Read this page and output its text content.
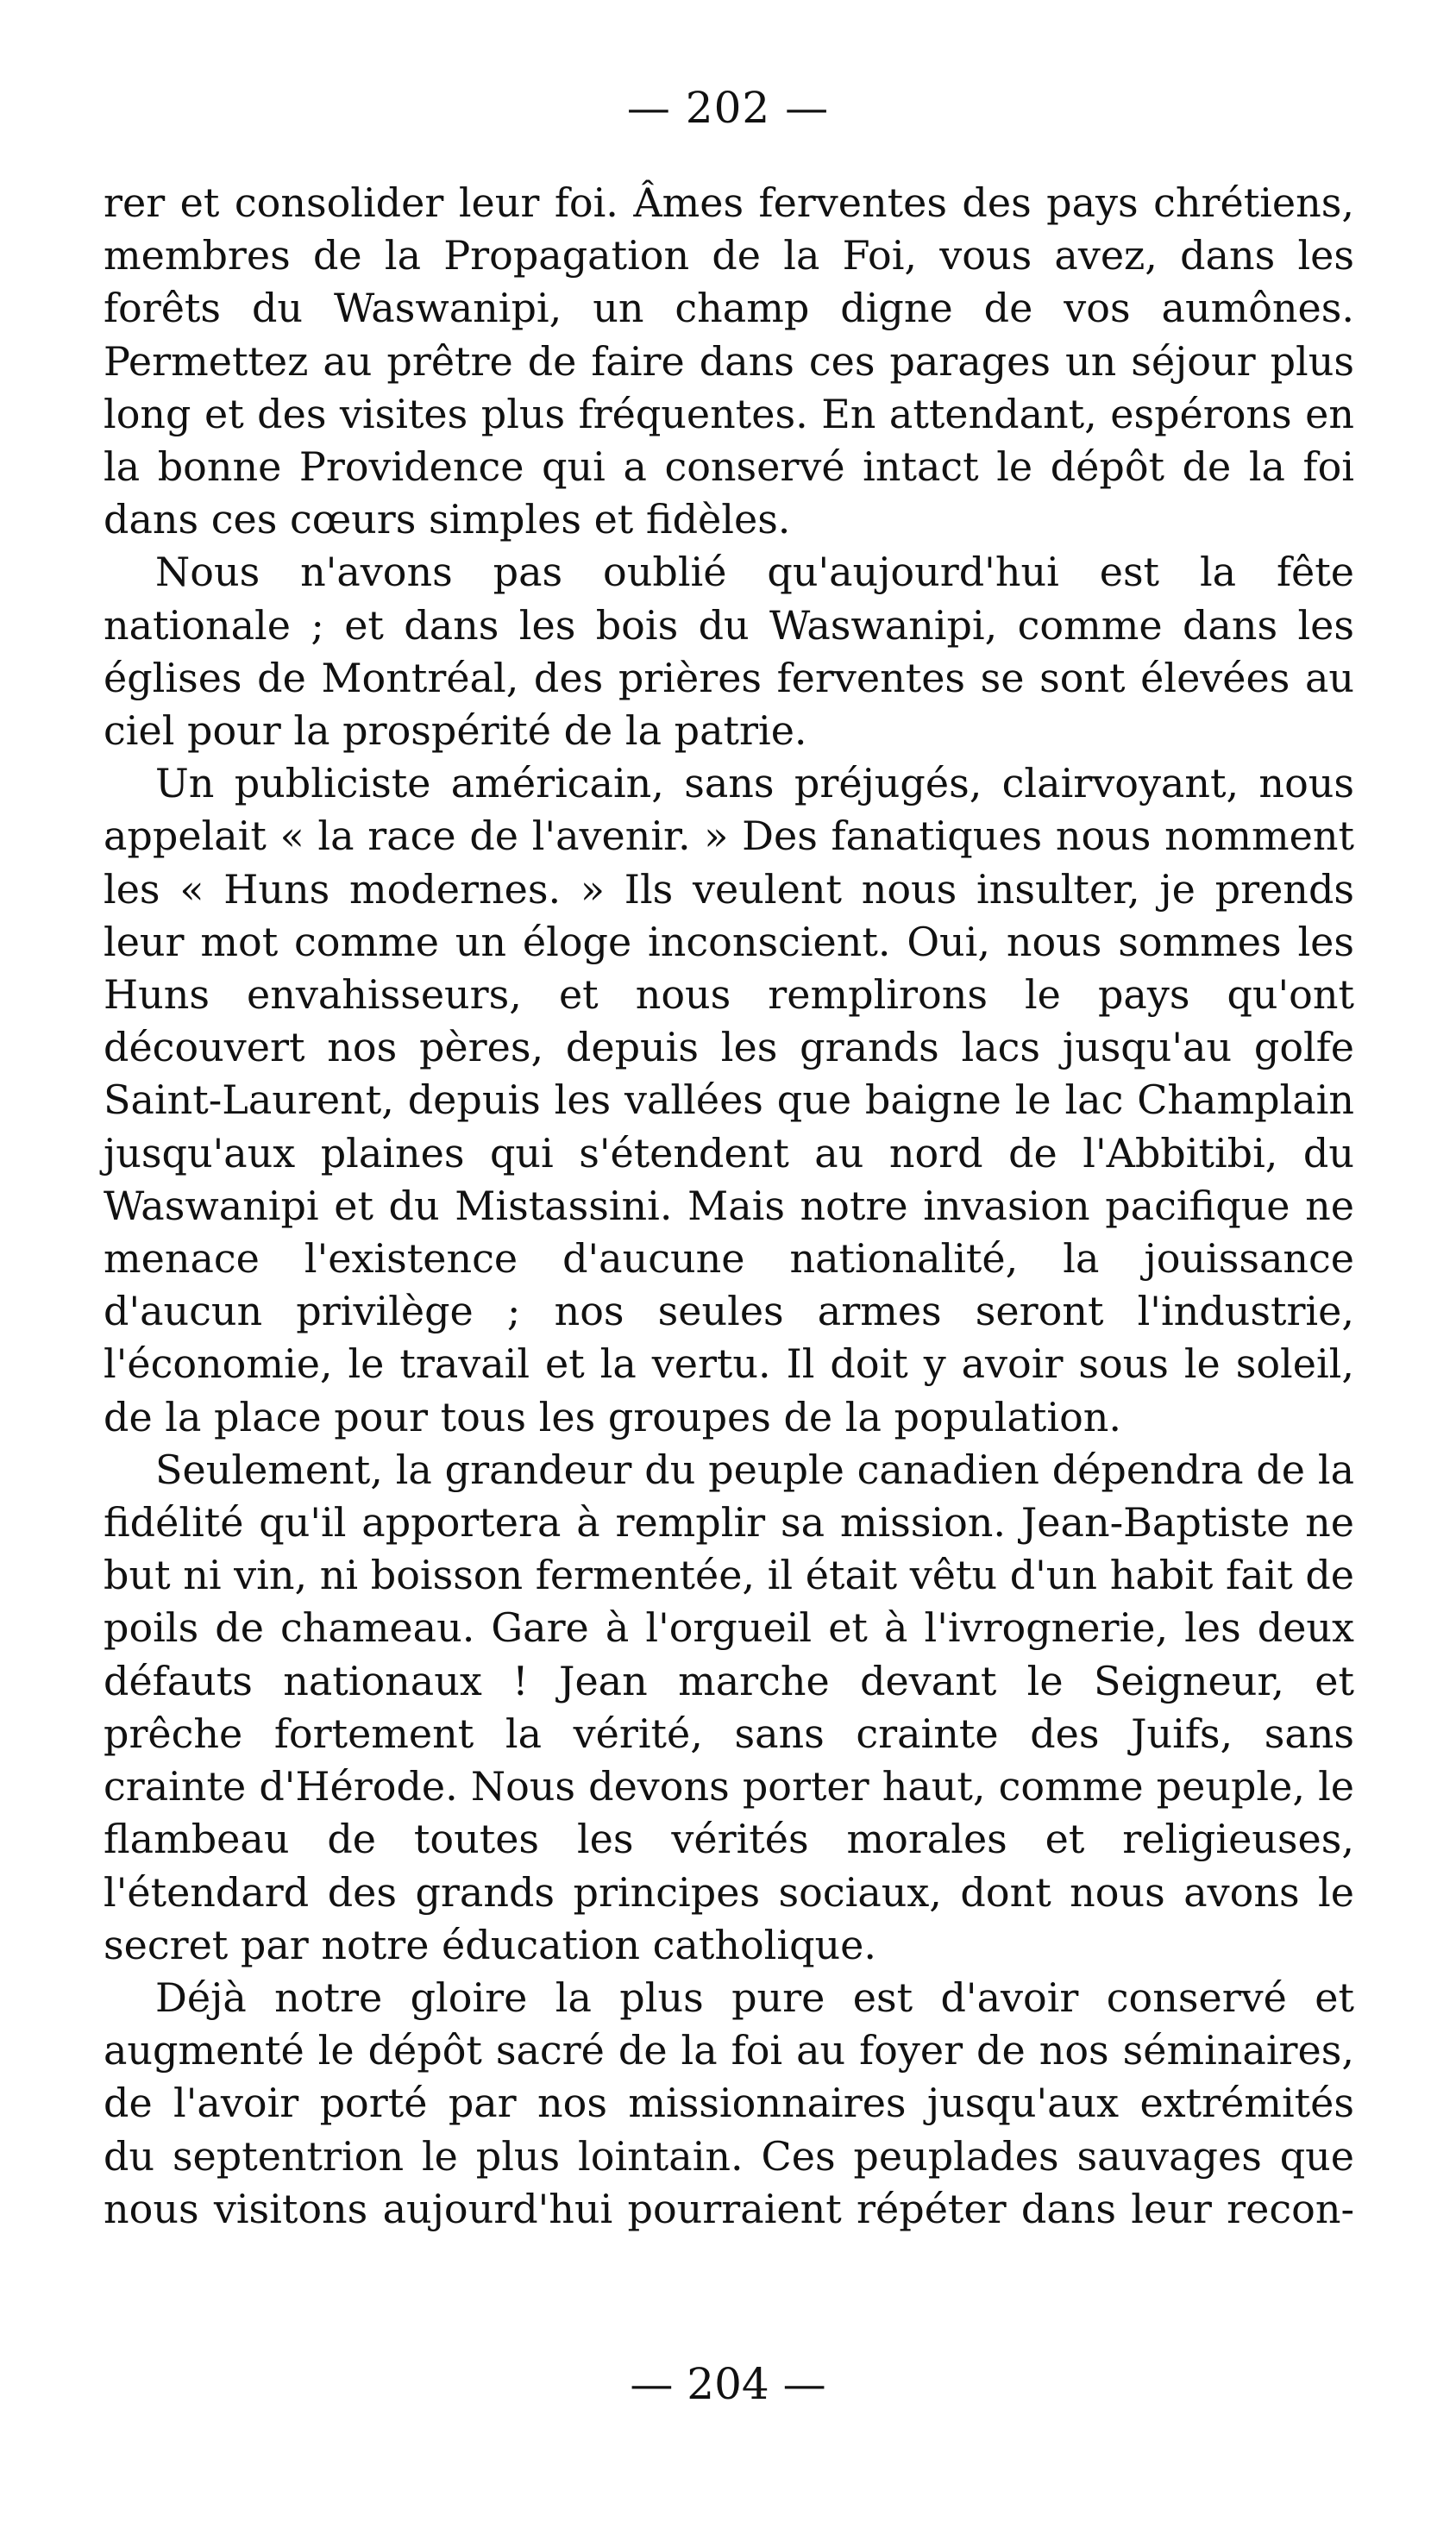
— 202 —

rer et consolider leur foi. Âmes ferventes des pays chrétiens, membres de la Propagation de la Foi, vous avez, dans les forêts du Waswanipi, un champ digne de vos aumônes. Permettez au prêtre de faire dans ces parages un séjour plus long et des visites plus fréquentes. En attendant, espérons en la bonne Providence qui a conservé intact le dépôt de la foi dans ces cœurs simples et fidèles.

Nous n'avons pas oublié qu'aujourd'hui est la fête nationale ; et dans les bois du Waswanipi, comme dans les églises de Montréal, des prières ferventes se sont élevées au ciel pour la prospérité de la patrie.

Un publiciste américain, sans préjugés, clairvoyant, nous appelait « la race de l'avenir. » Des fanatiques nous nomment les « Huns modernes. » Ils veulent nous insulter, je prends leur mot comme un éloge inconscient. Oui, nous sommes les Huns envahisseurs, et nous remplirons le pays qu'ont découvert nos pères, depuis les grands lacs jusqu'au golfe Saint-Laurent, depuis les vallées que baigne le lac Champlain jusqu'aux plaines qui s'étendent au nord de l'Abbitibi, du Waswanipi et du Mistassini. Mais notre invasion pacifique ne menace l'existence d'aucune nationalité, la jouissance d'aucun privilège ; nos seules armes seront l'industrie, l'économie, le travail et la vertu. Il doit y avoir sous le soleil, de la place pour tous les groupes de la population.

Seulement, la grandeur du peuple canadien dépendra de la fidélité qu'il apportera à remplir sa mission. Jean-Baptiste ne but ni vin, ni boisson fermentée, il était vêtu d'un habit fait de poils de chameau. Gare à l'orgueil et à l'ivrognerie, les deux défauts nationaux ! Jean marche devant le Seigneur, et prêche fortement la vérité, sans crainte des Juifs, sans crainte d'Hérode. Nous devons porter haut, comme peuple, le flambeau de toutes les vérités morales et religieuses, l'étendard des grands principes sociaux, dont nous avons le secret par notre éducation catholique.

Déjà notre gloire la plus pure est d'avoir conservé et augmenté le dépôt sacré de la foi au foyer de nos séminaires, de l'avoir porté par nos missionnaires jusqu'aux extrémités du septentrion le plus lointain. Ces peuplades sauvages que nous visitons aujourd'hui pourraient répéter dans leur recon-

— 204 —
